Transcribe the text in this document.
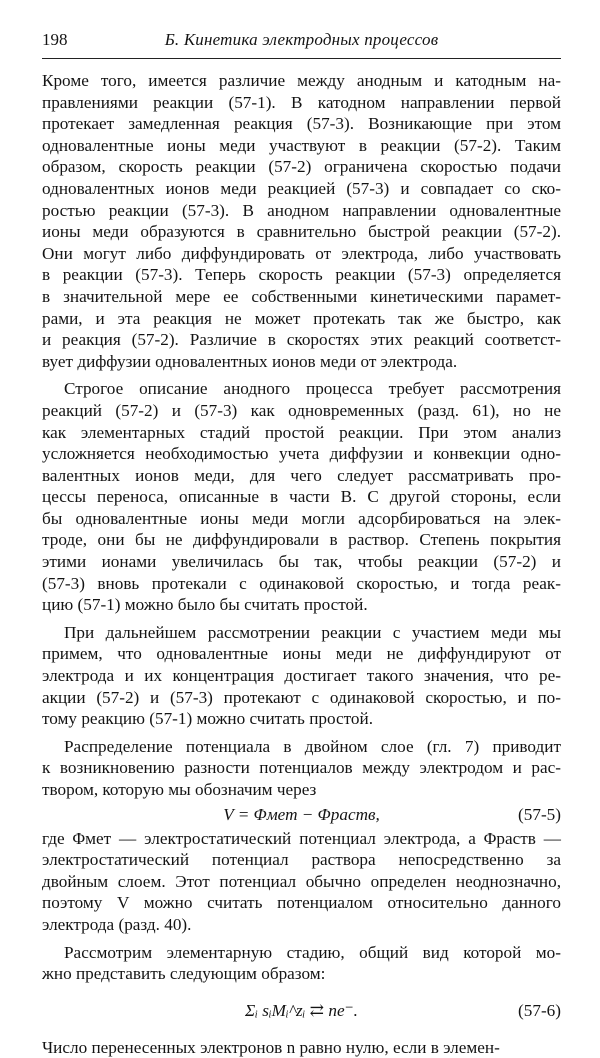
198	Б. Кинетика электродных процессов
Кроме того, имеется различие между анодным и катодным на-
правлениями реакции (57-1). В катодном направлении первой
протекает замедленная реакция (57-3). Возникающие при этом
одновалентные ионы меди участвуют в реакции (57-2). Таким
образом, скорость реакции (57-2) ограничена скоростью подачи
одновалентных ионов меди реакцией (57-3) и совпадает со ско-
ростью реакции (57-3). В анодном направлении одновалентные
ионы меди образуются в сравнительно быстрой реакции (57-2).
Они могут либо диффундировать от электрода, либо участвовать
в реакции (57-3). Теперь скорость реакции (57-3) определяется
в значительной мере ее собственными кинетическими парамет-
рами, и эта реакция не может протекать так же быстро, как
и реакция (57-2). Различие в скоростях этих реакций соответст-
вует диффузии одновалентных ионов меди от электрода.
Строгое описание анодного процесса требует рассмотрения
реакций (57-2) и (57-3) как одновременных (разд. 61), но не
как элементарных стадий простой реакции. При этом анализ
усложняется необходимостью учета диффузии и конвекции одно-
валентных ионов меди, для чего следует рассматривать про-
цессы переноса, описанные в части В. С другой стороны, если
бы одновалентные ионы меди могли адсорбироваться на элек-
троде, они бы не диффундировали в раствор. Степень покрытия
этими ионами увеличилась бы так, чтобы реакции (57-2) и
(57-3) вновь протекали с одинаковой скоростью, и тогда реак-
цию (57-1) можно было бы считать простой.
При дальнейшем рассмотрении реакции с участием меди мы
примем, что одновалентные ионы меди не диффундируют от
электрода и их концентрация достигает такого значения, что ре-
акции (57-2) и (57-3) протекают с одинаковой скоростью, и по-
тому реакцию (57-1) можно считать простой.
Распределение потенциала в двойном слое (гл. 7) приводит
к возникновению разности потенциалов между электродом и рас-
твором, которую мы обозначим через
V = Φмет − Φраств,	(57-5)
где Φмет — электростатический потенциал электрода, а Φраств —
электростатический потенциал раствора непосредственно за
двойным слоем. Этот потенциал обычно определен неоднозначно,
поэтому V можно считать потенциалом относительно данного
электрода (разд. 40).
Рассмотрим элементарную стадию, общий вид которой мо-
жно представить следующим образом:
Σᵢ sᵢMᵢ^zᵢ ⇄ ne⁻.	(57-6)
Число перенесенных электронов n равно нулю, если в элемен-
